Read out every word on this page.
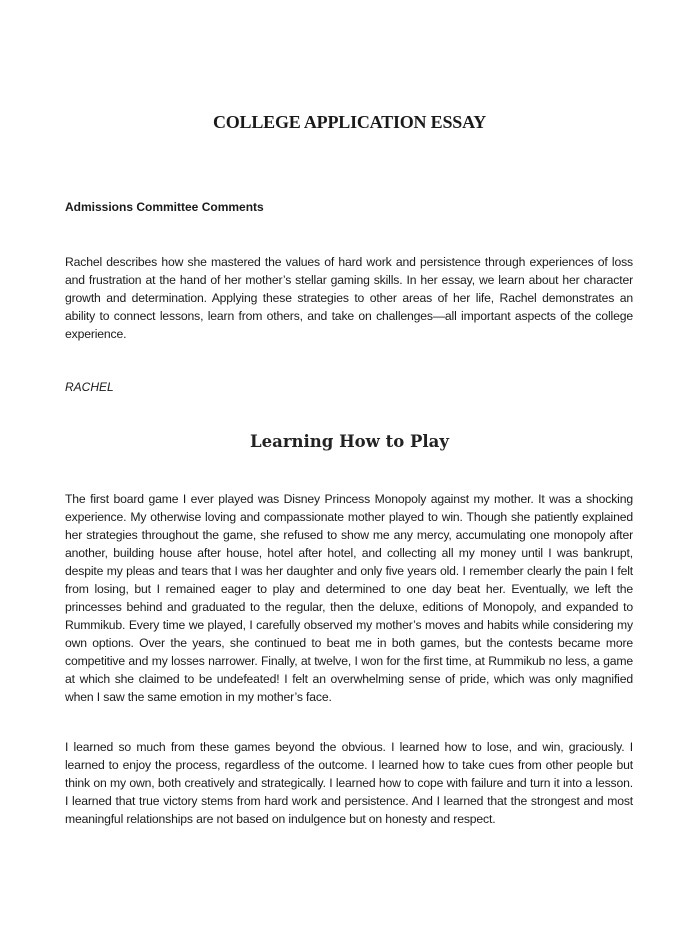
COLLEGE APPLICATION ESSAY
Admissions Committee Comments

Rachel describes how she mastered the values of hard work and persistence through experiences of loss and frustration at the hand of her mother’s stellar gaming skills. In her essay, we learn about her character growth and determination. Applying these strategies to other areas of her life, Rachel demonstrates an ability to connect lessons, learn from others, and take on challenges—all important aspects of the college experience.

RACHEL

Learning How to Play

The first board game I ever played was Disney Princess Monopoly against my mother. It was a shocking experience. My otherwise loving and compassionate mother played to win. Though she patiently explained her strategies throughout the game, she refused to show me any mercy, accumulating one monopoly after another, building house after house, hotel after hotel, and collecting all my money until I was bankrupt, despite my pleas and tears that I was her daughter and only five years old. I remember clearly the pain I felt from losing, but I remained eager to play and determined to one day beat her. Eventually, we left the princesses behind and graduated to the regular, then the deluxe, editions of Monopoly, and expanded to Rummikub. Every time we played, I carefully observed my mother’s moves and habits while considering my own options. Over the years, she continued to beat me in both games, but the contests became more competitive and my losses narrower. Finally, at twelve, I won for the first time, at Rummikub no less, a game at which she claimed to be undefeated! I felt an overwhelming sense of pride, which was only magnified when I saw the same emotion in my mother’s face.

I learned so much from these games beyond the obvious. I learned how to lose, and win, graciously. I learned to enjoy the process, regardless of the outcome. I learned how to take cues from other people but think on my own, both creatively and strategically. I learned how to cope with failure and turn it into a lesson. I learned that true victory stems from hard work and persistence. And I learned that the strongest and most meaningful relationships are not based on indulgence but on honesty and respect.
